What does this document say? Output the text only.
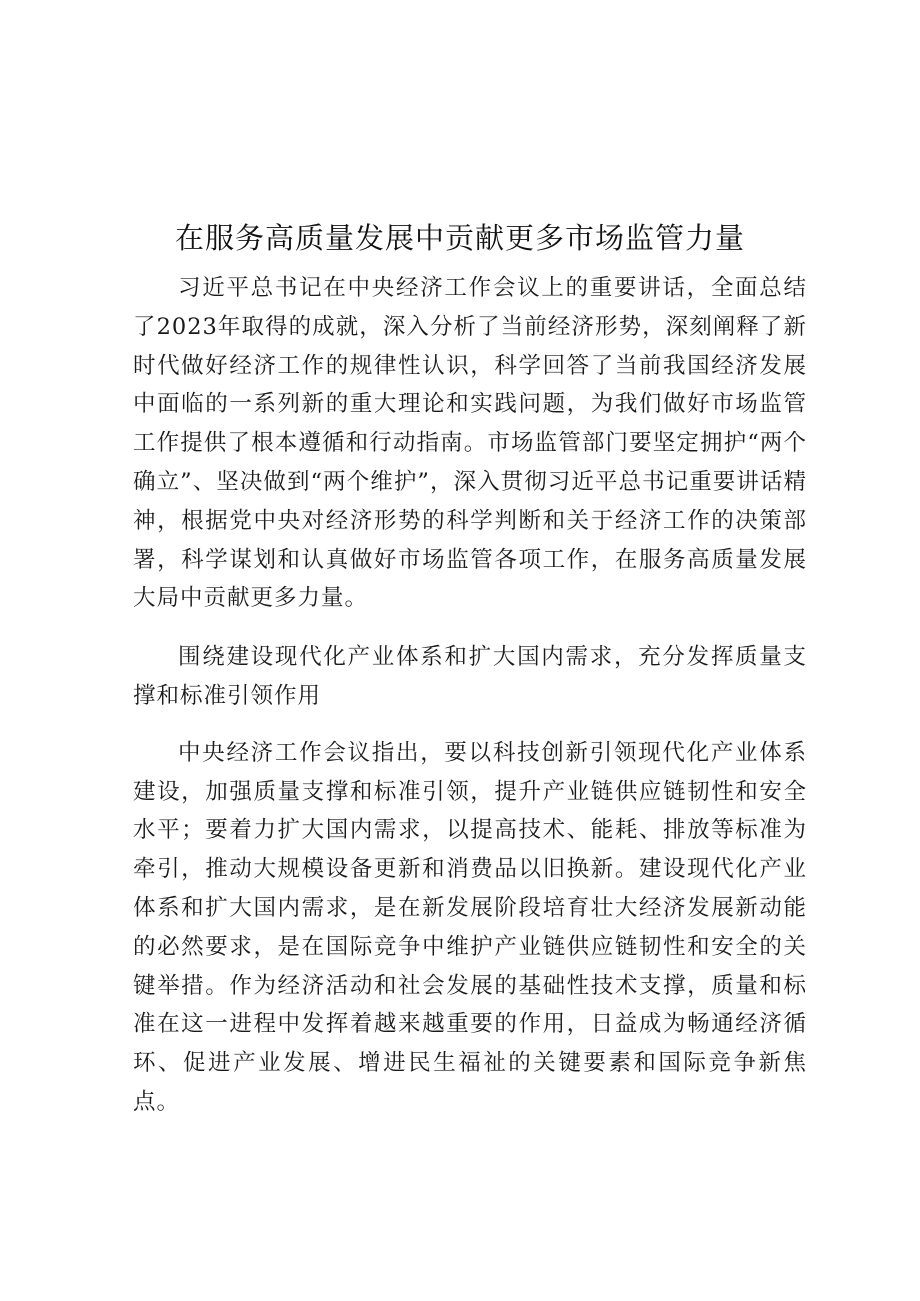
在服务高质量发展中贡献更多市场监管力量

习近平总书记在中央经济工作会议上的重要讲话，全面总结了2023年取得的成就，深入分析了当前经济形势，深刻阐释了新时代做好经济工作的规律性认识，科学回答了当前我国经济发展中面临的一系列新的重大理论和实践问题，为我们做好市场监管工作提供了根本遵循和行动指南。市场监管部门要坚定拥护“两个确立”、坚决做到“两个维护”，深入贯彻习近平总书记重要讲话精神，根据党中央对经济形势的科学判断和关于经济工作的决策部署，科学谋划和认真做好市场监管各项工作，在服务高质量发展大局中贡献更多力量。

围绕建设现代化产业体系和扩大国内需求，充分发挥质量支撑和标准引领作用

中央经济工作会议指出，要以科技创新引领现代化产业体系建设，加强质量支撑和标准引领，提升产业链供应链韧性和安全水平；要着力扩大国内需求，以提高技术、能耗、排放等标准为牵引，推动大规模设备更新和消费品以旧换新。建设现代化产业体系和扩大国内需求，是在新发展阶段培育壮大经济发展新动能的必然要求，是在国际竞争中维护产业链供应链韧性和安全的关键举措。作为经济活动和社会发展的基础性技术支撑，质量和标准在这一进程中发挥着越来越重要的作用，日益成为畅通经济循环、促进产业发展、增进民生福祉的关键要素和国际竞争新焦点。
